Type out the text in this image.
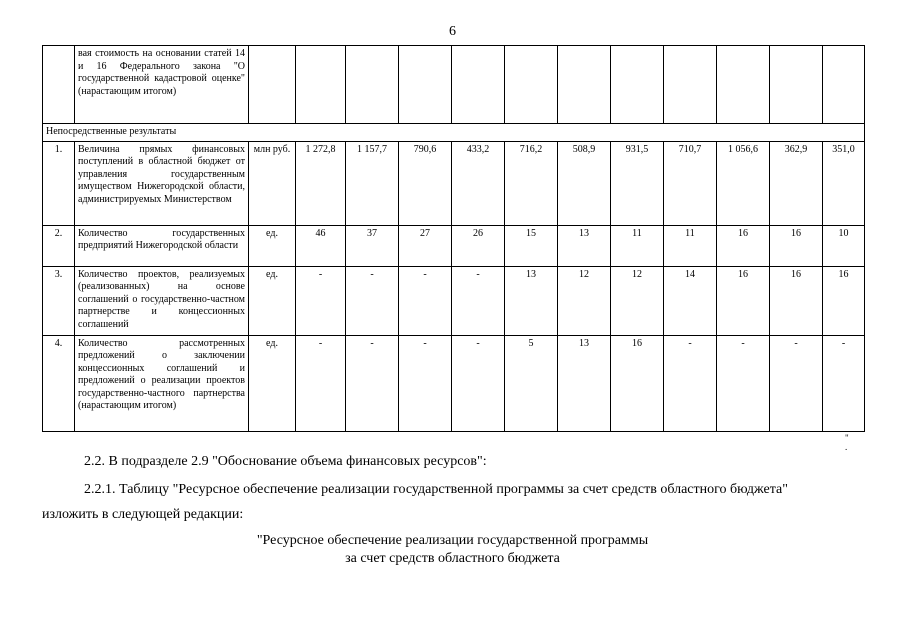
6
	вая стоимость на основании статей 14 и 16 Федерального закона "О государственной кадастровой оценке" (нарастающим итогом)												
Непосредственные результаты													
1.	Величина прямых финансовых поступлений в областной бюджет от управления государственным имуществом Нижегородской области, администрируемых Министерством	млн руб.	1 272,8	1 157,7	790,6	433,2	716,2	508,9	931,5	710,7	1 056,6	362,9	351,0
2.	Количество государственных предприятий Нижегородской области	ед.	46	37	27	26	15	13	11	11	16	16	10
3.	Количество проектов, реализуемых (реализованных) на основе соглашений о государственно-частном партнерстве и концессионных соглашений	ед.	-	-	-	-	13	12	12	14	16	16	16
4.	Количество рассмотренных предложений о заключении концессионных соглашений и предложений о реализации проектов государственно-частного партнерства (нарастающим итогом)	ед.	-	-	-	-	5	13	16	-	-	-	-
"
.
2.2. В подразделе 2.9 "Обоснование объема финансовых ресурсов":
2.2.1. Таблицу "Ресурсное обеспечение реализации государственной программы за счет средств областного бюджета"
изложить в следующей редакции:
"Ресурсное обеспечение реализации государственной программы
за счет средств областного бюджета
